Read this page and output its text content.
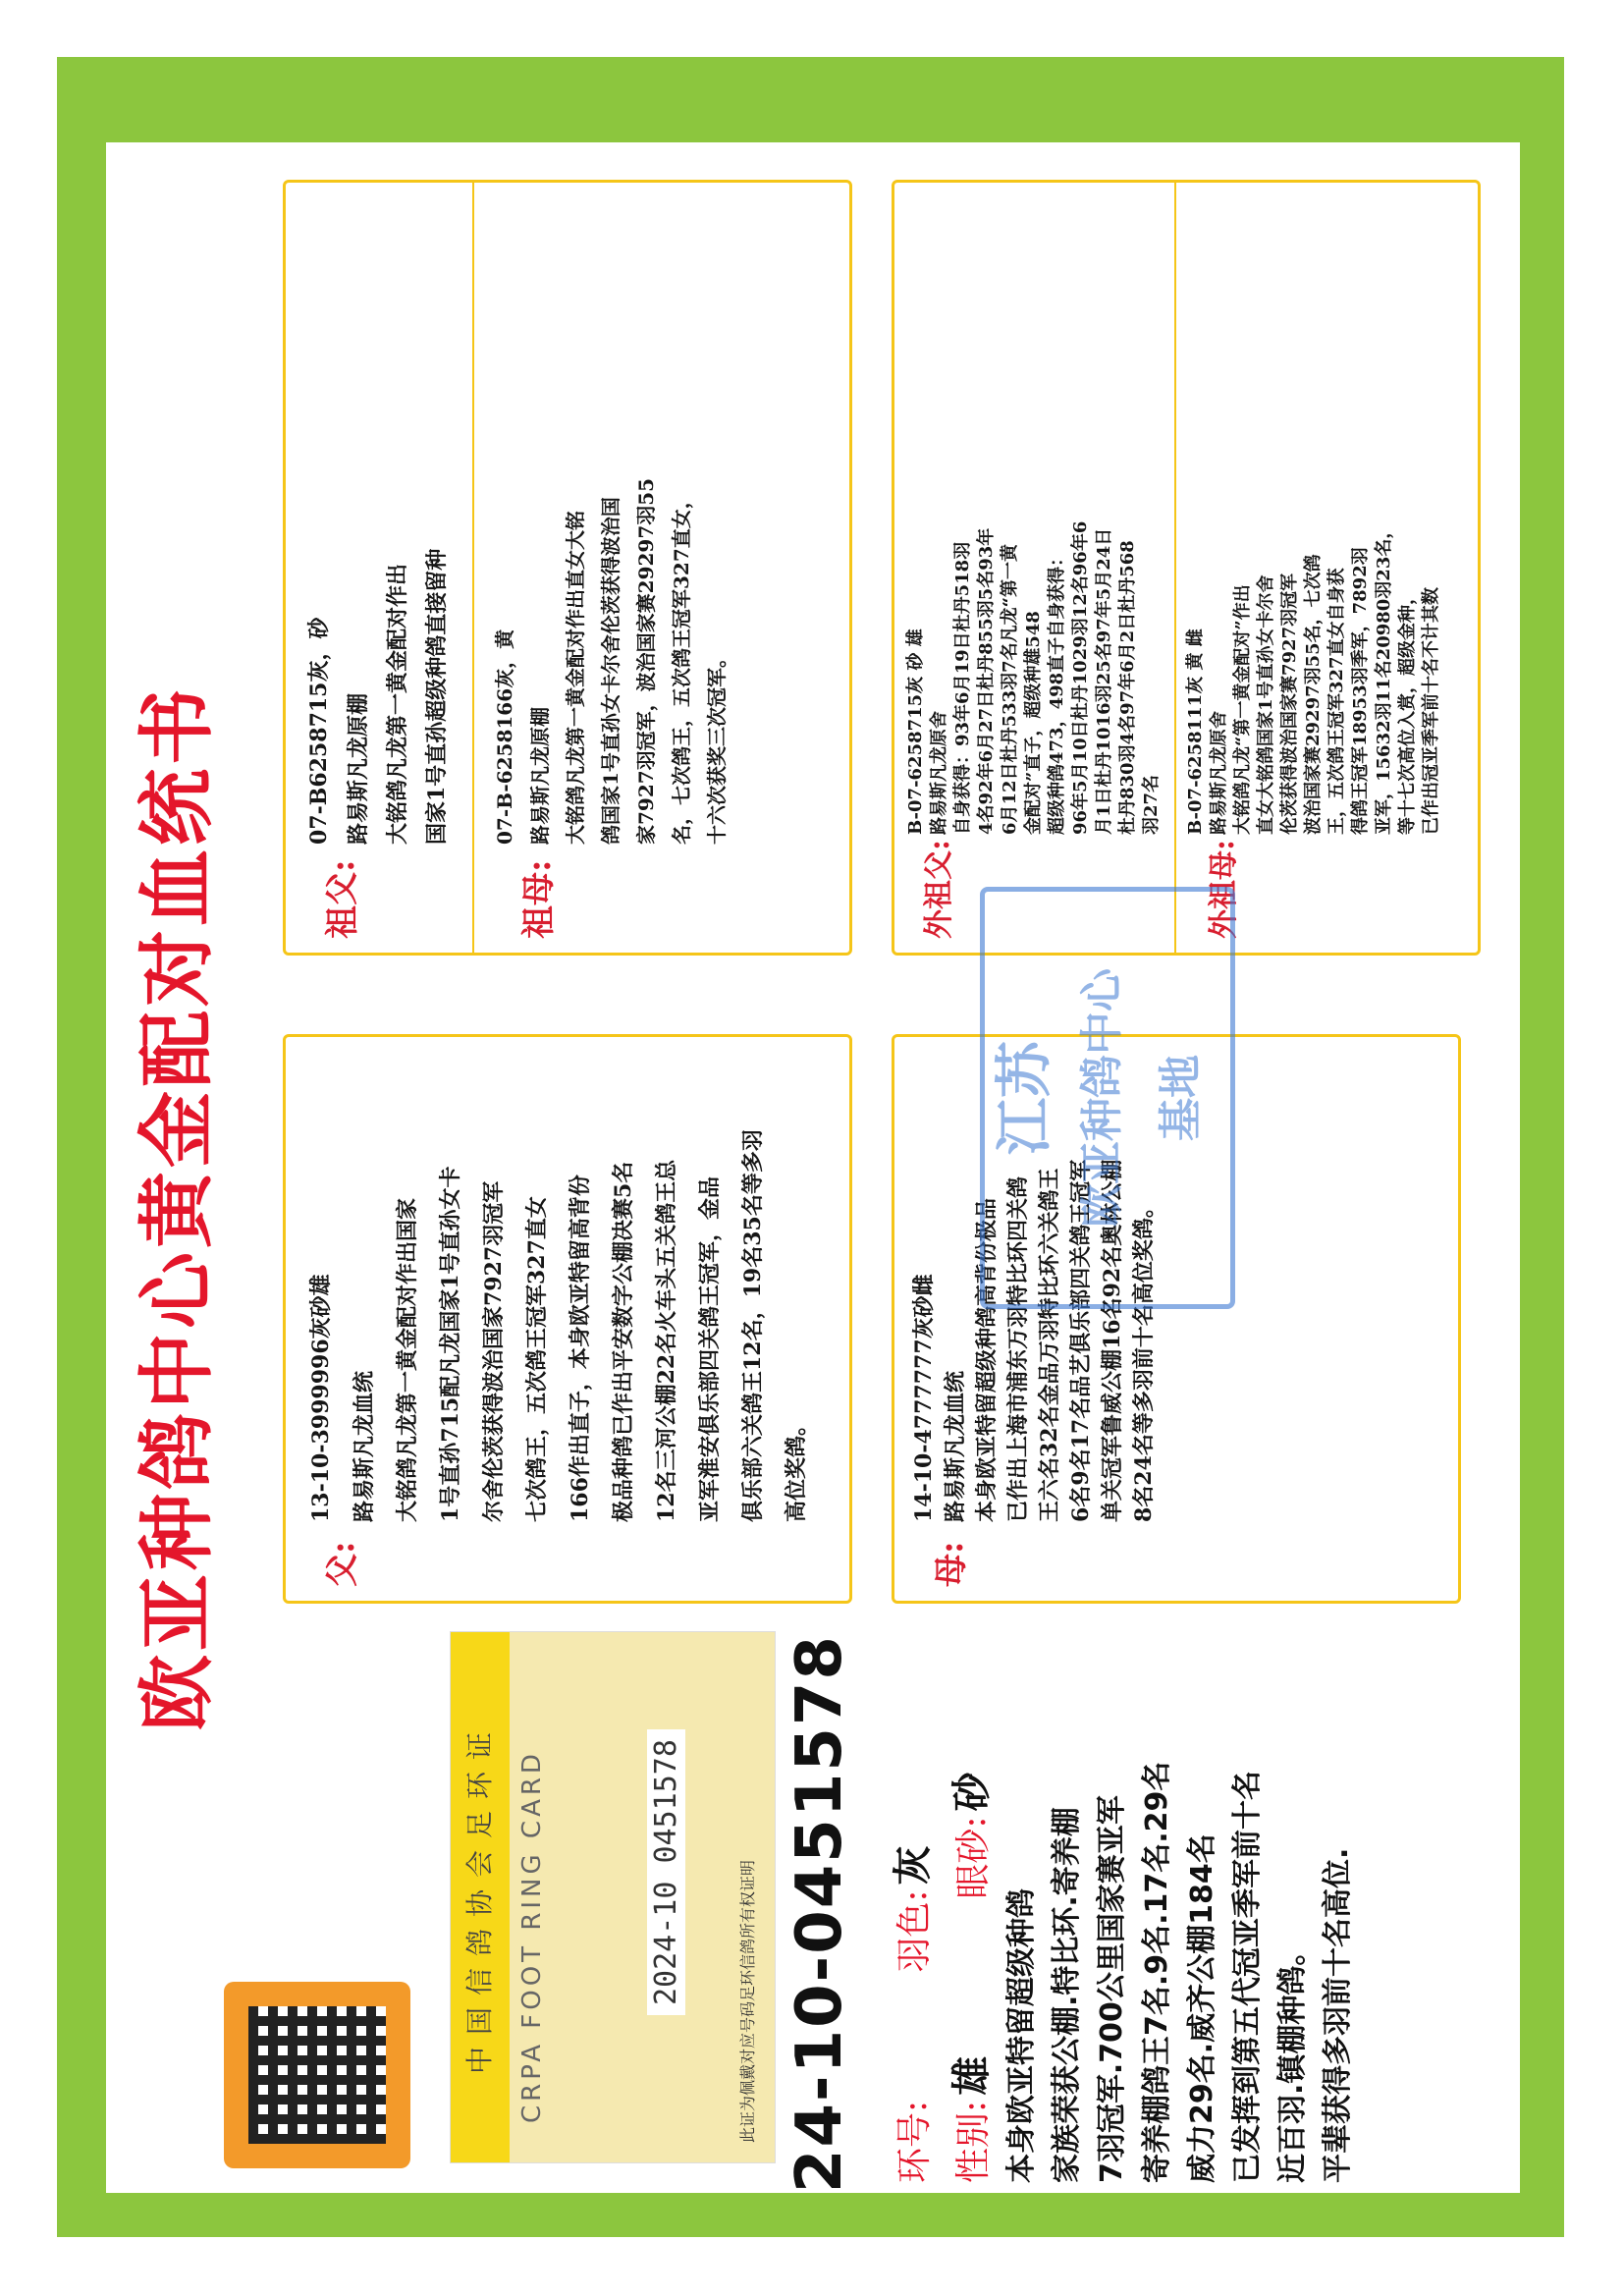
欧亚种鸽中心黄金配对血统书
中国信鸽协会足环证 CRPA FOOT RING CARD	2024-10 0451578	此证为佩戴对应号码足环信鸽所有权证明 24-10-0451578	环号:  羽色: 灰
性别: 雄  眼砂: 砂
本身欧亚特留超级种鸽 家族荣获公棚.特比环.寄养棚 7羽冠军.700公里国家赛亚军 寄养棚鸽王7名.9名.17名.29名 威力29名.威齐公棚184名 已发挥到第五代冠亚季军前十名 近百羽.镇棚种鸽。 平辈获得多羽前十名高位.
父:
13-10-3999996灰砂雄 路易斯凡龙血统 大铭鸽凡龙第一黄金配对作出国家 1号直孙715配凡龙国家1号直孙女卡 尔舍伦茨获得波治国家7927羽冠军 七次鸽王，五次鸽王冠军327直女 166作出直子，本身欧亚特留高背份 极品种鸽已作出平安数字公棚决赛5名 12名三河公棚22名火车头五关鸽王总 亚军淮安俱乐部四关鸽王冠军，金品 俱乐部六关鸽王12名，19名35名等多羽 高位奖鸽。
母:
14-10-4777777灰砂雌 路易斯凡龙血统 本身欧亚特留超级种鸽高背份极品 已作出上海市浦东万羽特比环四关鸽 王六名32名金品万羽特比环六关鸽王 6名9名17名品艺俱乐部四关鸽王冠军 单关冠军鲁威公棚16名92名奥林公棚 8名24名等多羽前十名高位奖鸽。
祖父:
07-B6258715灰，砂 路易斯凡龙原棚 大铭鸽凡龙第一黄金配对作出 国家1号直孙超级种鸽直接留种
祖母:
07-B-6258166灰，黄 路易斯凡龙原棚 大铭鸽凡龙第一黄金配对作出直女大铭 鸽国家1号直孙女卡尔舍伦茨获得波治国 家7927羽冠军，波治国家赛29297羽55 名，七次鸽王，五次鸽王冠军327直女， 十六次获奖三次冠军。
外祖父:
B-07-6258715灰 砂 雄 路易斯凡龙原舍 自身获得：93年6月19日杜丹518羽 4名92年6月27日杜丹855羽5名93年 6月12日杜丹533羽7名凡龙“第一黄 金配对”直子，超级种雄548 超级种鸽473，498直子自身获得： 96年5月10日杜丹1029羽12名96年6 月1日杜丹1016羽25名97年5月24日 杜丹830羽4名97年6月2日杜丹568 羽27名
外祖母:
B-07-6258111灰 黄 雌 路易斯凡龙原舍 大铭鸽凡龙“第一黄金配对”作出 直女大铭鸽国家1号直孙女卡尔舍 伦茨获得波治国家赛7927羽冠军 波治国家赛29297羽55名，七次鸽 王，五次鸽王冠军327直女自身获 得鸽王冠军18953羽季军，7892羽 亚军，15632羽11名20980羽23名， 等十七次高位入赏，超级金种， 已作出冠亚季军前十名不计其数
江苏 欧亚种鸽中心 基地
